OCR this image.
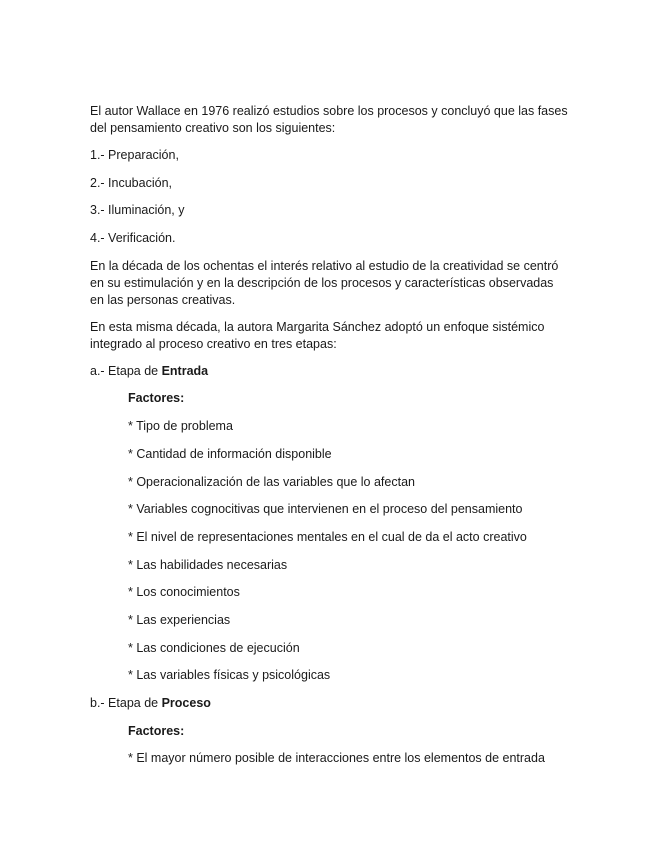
El autor Wallace en 1976 realizó estudios sobre los procesos y concluyó que las fases del pensamiento creativo son los siguientes:

1.- Preparación,

2.- Incubación,

3.- Iluminación, y

4.- Verificación.

En la década de los ochentas el interés relativo al estudio de la creatividad se centró en su estimulación y en la descripción de los procesos y características observadas en las personas creativas.

En esta misma década, la autora Margarita Sánchez adoptó un enfoque sistémico integrado al proceso creativo en tres etapas:

a.- Etapa de Entrada

Factores:

* Tipo de problema

* Cantidad de información disponible

* Operacionalización de las variables que lo afectan

* Variables cognocitivas que intervienen en el proceso del pensamiento

* El nivel de representaciones mentales en el cual de da el acto creativo

* Las habilidades necesarias

* Los conocimientos

* Las experiencias

* Las condiciones de ejecución

* Las variables físicas y psicológicas

b.- Etapa de Proceso

Factores:

* El mayor número posible de interacciones entre los elementos de entrada
